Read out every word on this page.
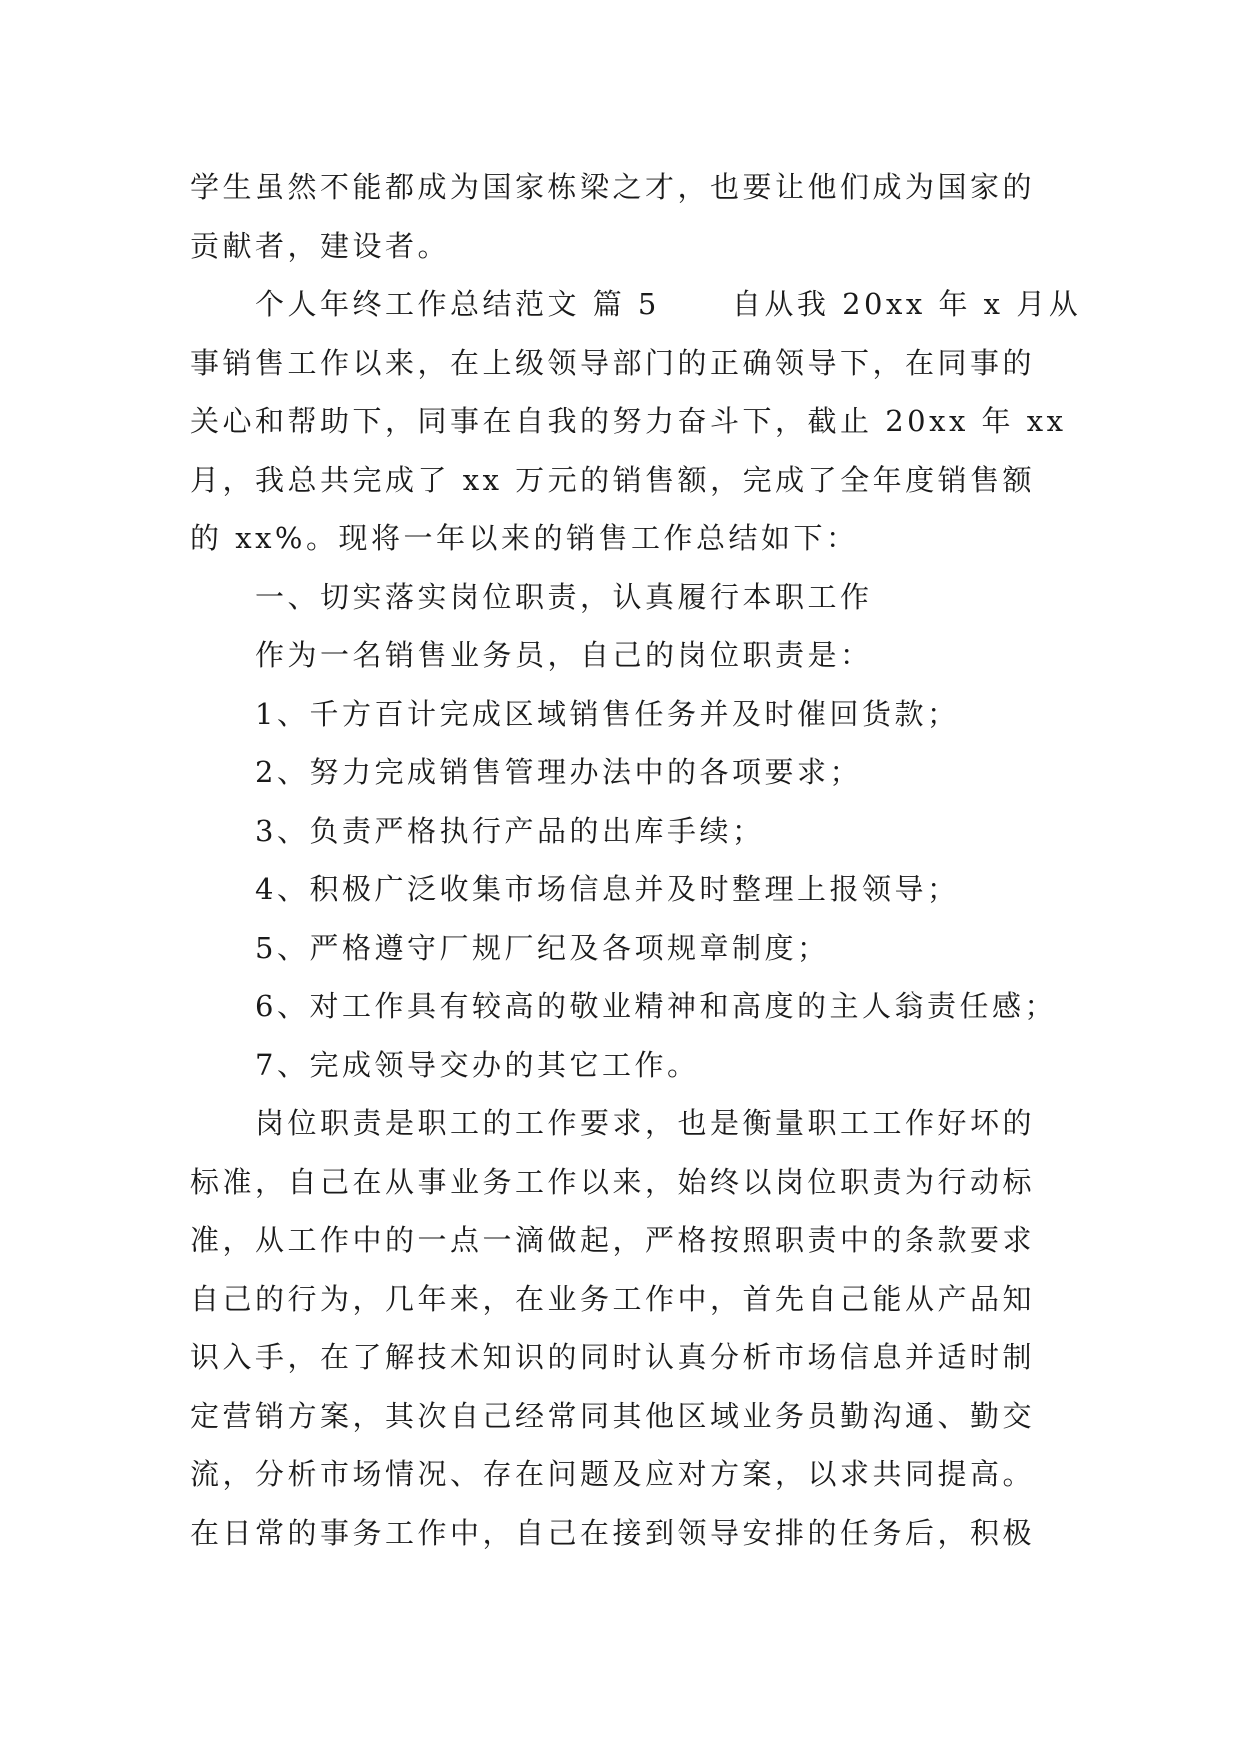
学生虽然不能都成为国家栋梁之才，也要让他们成为国家的
贡献者，建设者。
个人年终工作总结范文 篇 5 自从我 20xx 年 x 月从
事销售工作以来，在上级领导部门的正确领导下，在同事的
关心和帮助下，同事在自我的努力奋斗下，截止 20xx 年 xx
月，我总共完成了 xx 万元的销售额，完成了全年度销售额
的 xx%。现将一年以来的销售工作总结如下：
一、切实落实岗位职责，认真履行本职工作
作为一名销售业务员，自己的岗位职责是：
1、千方百计完成区域销售任务并及时催回货款；
2、努力完成销售管理办法中的各项要求；
3、负责严格执行产品的出库手续；
4、积极广泛收集市场信息并及时整理上报领导；
5、严格遵守厂规厂纪及各项规章制度；
6、对工作具有较高的敬业精神和高度的主人翁责任感；
7、完成领导交办的其它工作。
岗位职责是职工的工作要求，也是衡量职工工作好坏的
标准，自己在从事业务工作以来，始终以岗位职责为行动标
准，从工作中的一点一滴做起，严格按照职责中的条款要求
自己的行为，几年来，在业务工作中，首先自己能从产品知
识入手，在了解技术知识的同时认真分析市场信息并适时制
定营销方案，其次自己经常同其他区域业务员勤沟通、勤交
流，分析市场情况、存在问题及应对方案，以求共同提高。
在日常的事务工作中，自己在接到领导安排的任务后，积极
